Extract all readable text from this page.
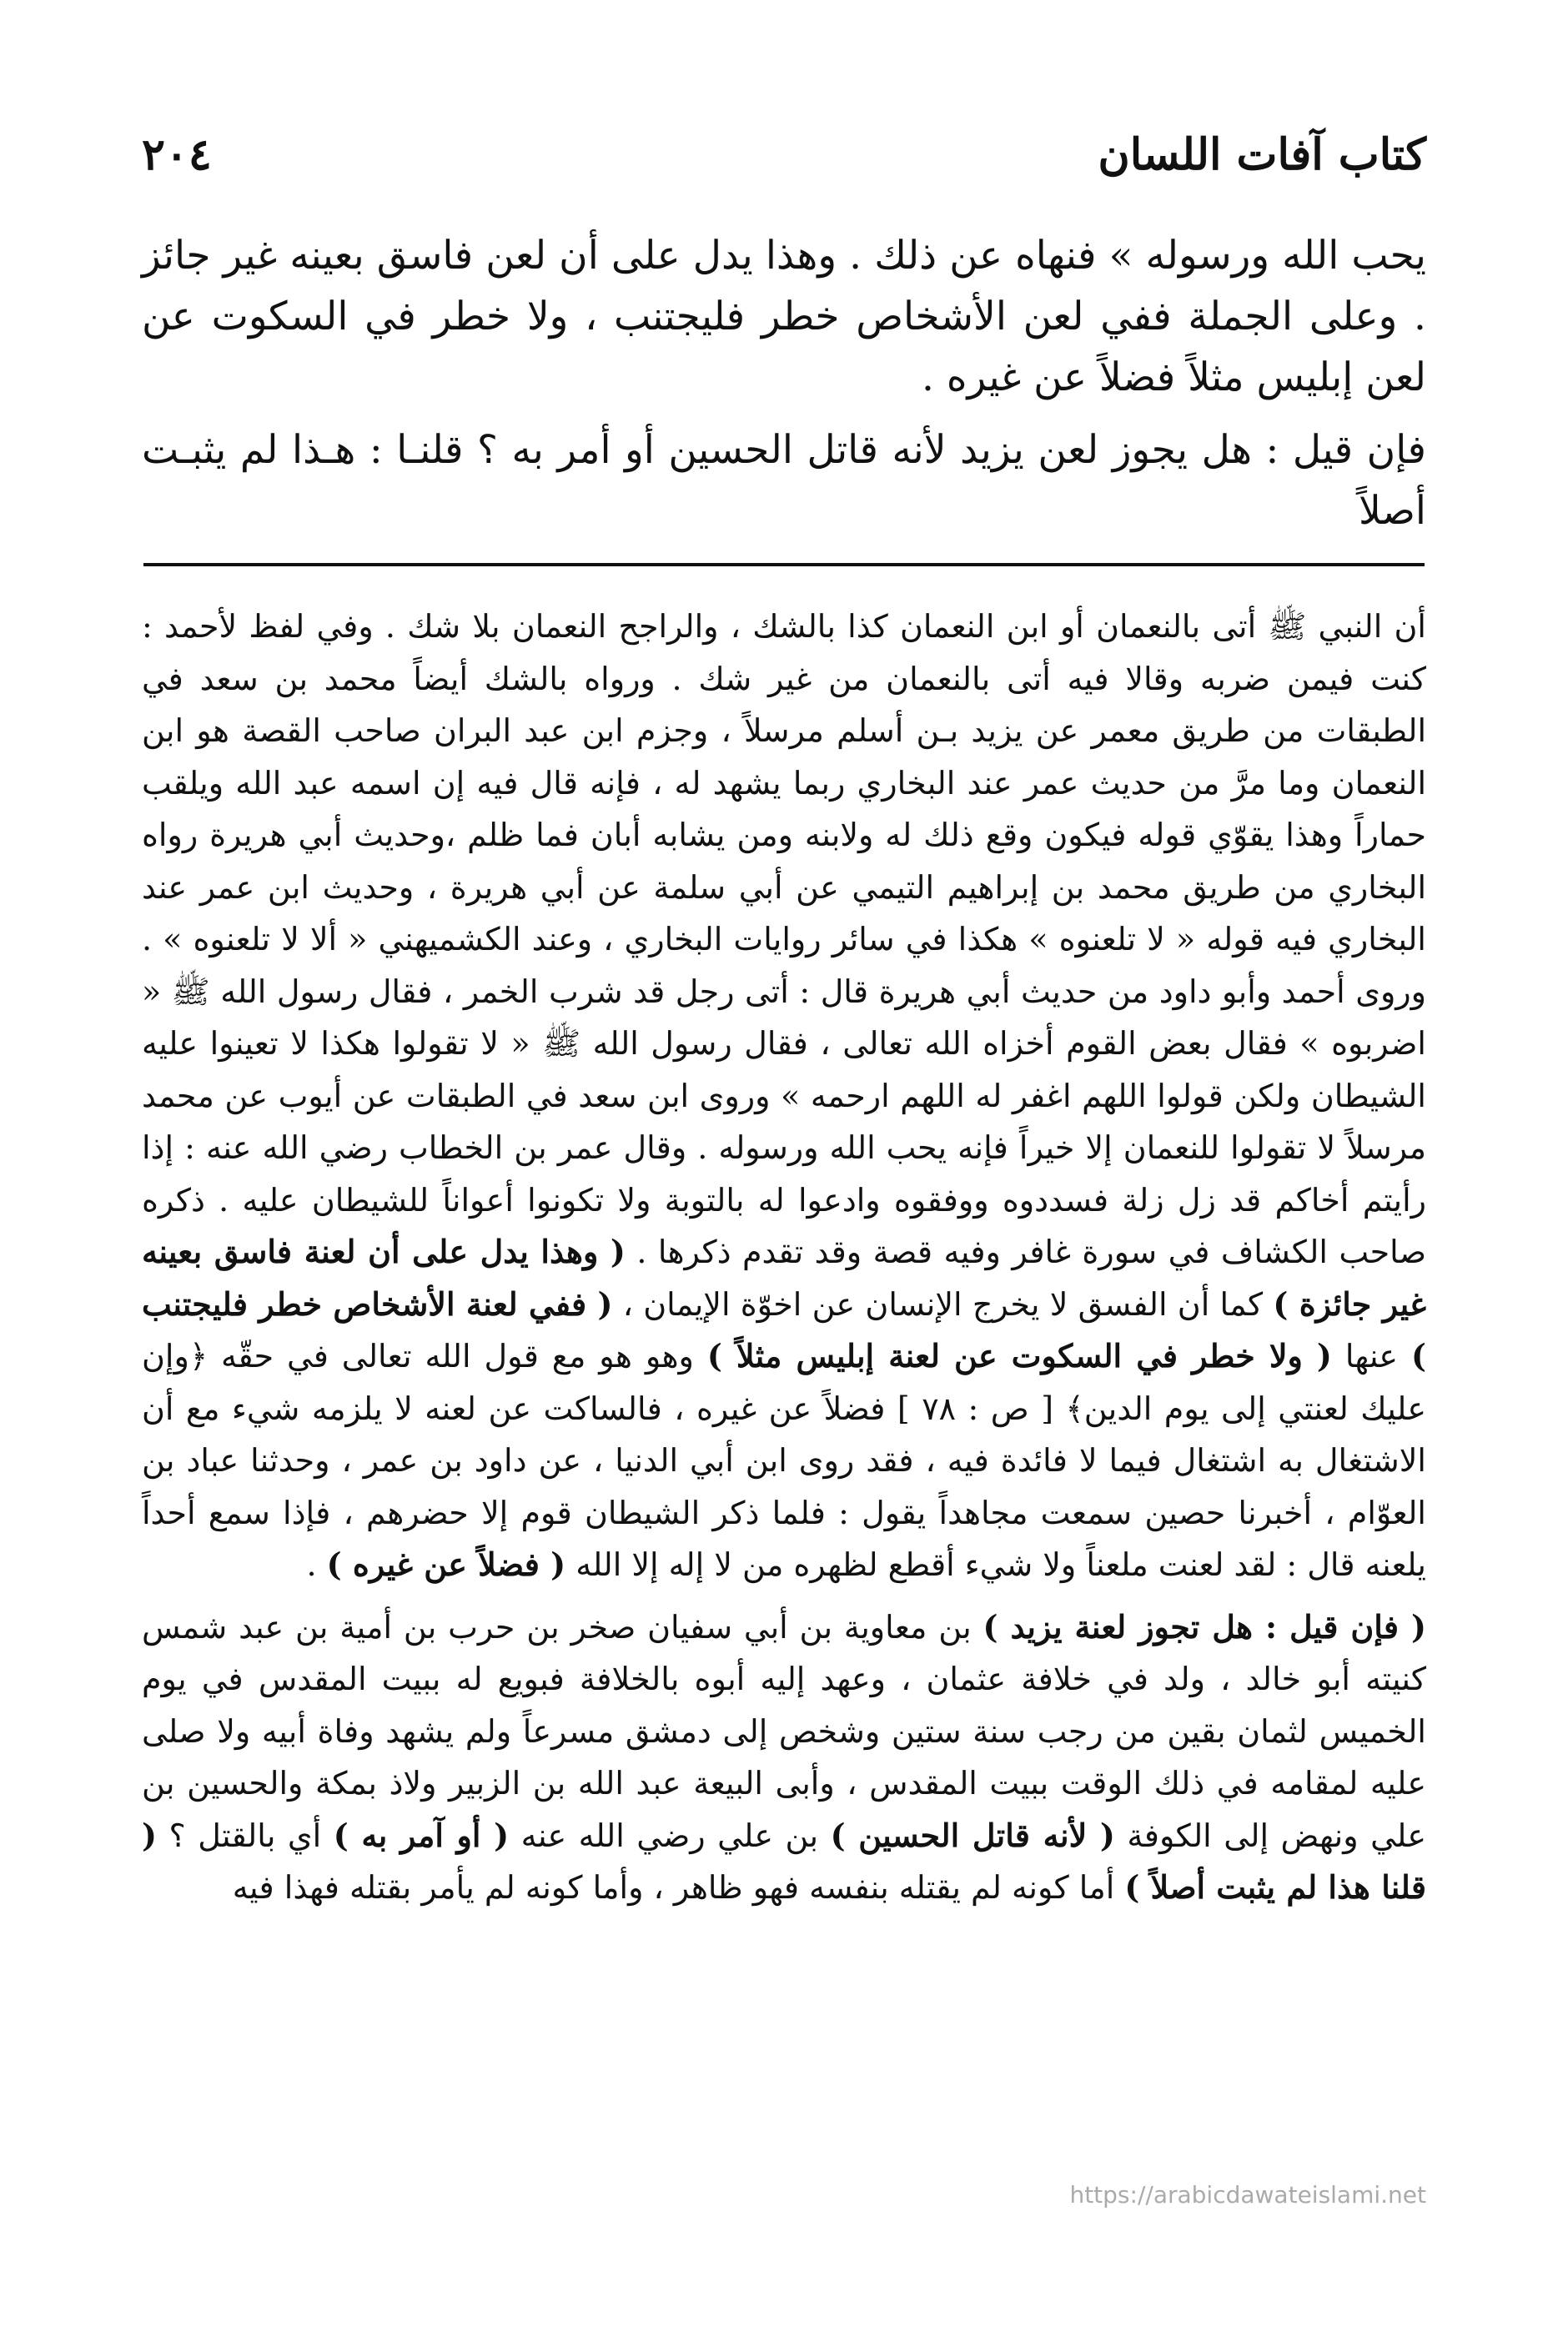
كتاب آفات اللسان
٢٠٤

يحب الله ورسوله » فنهاه عن ذلك . وهذا يدل على أن لعن فاسق بعينه غير جائز . وعلى الجملة ففي لعن الأشخاص خطر فليجتنب ، ولا خطر في السكوت عن لعن إبليس مثلاً فضلاً عن غيره .

فإن قيل : هل يجوز لعن يزيد لأنه قاتل الحسين أو أمر به ؟ قلنـا : هـذا لم يثبـت أصلاً

أن النبي ﷺ أتى بالنعمان أو ابن النعمان كذا بالشك ، والراجح النعمان بلا شك . وفي لفظ لأحمد : كنت فيمن ضربه وقالا فيه أتى بالنعمان من غير شك . ورواه بالشك أيضاً محمد بن سعد في الطبقات من طريق معمر عن يزيد بـن أسلم مرسلاً ، وجزم ابن عبد البران صاحب القصة هو ابن النعمان وما مرَّ من حديث عمر عند البخاري ربما يشهد له ، فإنه قال فيه إن اسمه عبد الله ويلقب حماراً وهذا يقوّي قوله فيكون وقع ذلك له ولابنه ومن يشابه أبان فما ظلم ،وحديث أبي هريرة رواه البخاري من طريق محمد بن إبراهيم التيمي عن أبي سلمة عن أبي هريرة ، وحديث ابن عمر عند البخاري فيه قوله « لا تلعنوه » هكذا في سائر روايات البخاري ، وعند الكشميهني « ألا لا تلعنوه » . وروى أحمد وأبو داود من حديث أبي هريرة قال : أتى رجل قد شرب الخمر ، فقال رسول الله ﷺ « اضربوه » فقال بعض القوم أخزاه الله تعالى ، فقال رسول الله ﷺ « لا تقولوا هكذا لا تعينوا عليه الشيطان ولكن قولوا اللهم اغفر له اللهم ارحمه » وروى ابن سعد في الطبقات عن أيوب عن محمد مرسلاً لا تقولوا للنعمان إلا خيراً فإنه يحب الله ورسوله . وقال عمر بن الخطاب رضي الله عنه : إذا رأيتم أخاكم قد زل زلة فسددوه ووفقوه وادعوا له بالتوبة ولا تكونوا أعواناً للشيطان عليه . ذكره صاحب الكشاف في سورة غافر وفيه قصة وقد تقدم ذكرها . ( وهذا يدل على أن لعنة فاسق بعينه غير جائزة ) كما أن الفسق لا يخرج الإنسان عن اخوّة الإيمان ، ( ففي لعنة الأشخاص خطر فليجتنب ) عنها ( ولا خطر في السكوت عن لعنة إبليس مثلاً ) وهو هو مع قول الله تعالى في حقّه ﴿وإن عليك لعنتي إلى يوم الدين﴾ [ ص : ٧٨ ] فضلاً عن غيره ، فالساكت عن لعنه لا يلزمه شيء مع أن الاشتغال به اشتغال فيما لا فائدة فيه ، فقد روى ابن أبي الدنيا ، عن داود بن عمر ، وحدثنا عباد بن العوّام ، أخبرنا حصين سمعت مجاهداً يقول : فلما ذكر الشيطان قوم إلا حضرهم ، فإذا سمع أحداً يلعنه قال : لقد لعنت ملعناً ولا شيء أقطع لظهره من لا إله إلا الله ( فضلاً عن غيره ) .

( فإن قيل : هل تجوز لعنة يزيد ) بن معاوية بن أبي سفيان صخر بن حرب بن أمية بن عبد شمس كنيته أبو خالد ، ولد في خلافة عثمان ، وعهد إليه أبوه بالخلافة فبويع له ببيت المقدس في يوم الخميس لثمان بقين من رجب سنة ستين وشخص إلى دمشق مسرعاً ولم يشهد وفاة أبيه ولا صلى عليه لمقامه في ذلك الوقت ببيت المقدس ، وأبى البيعة عبد الله بن الزبير ولاذ بمكة والحسين بن علي ونهض إلى الكوفة ( لأنه قاتل الحسين ) بن علي رضي الله عنه ( أو آمر به ) أي بالقتل ؟ ( قلنا هذا لم يثبت أصلاً ) أما كونه لم يقتله بنفسه فهو ظاهر ، وأما كونه لم يأمر بقتله فهذا فيه

https://arabicdawateislami.net
